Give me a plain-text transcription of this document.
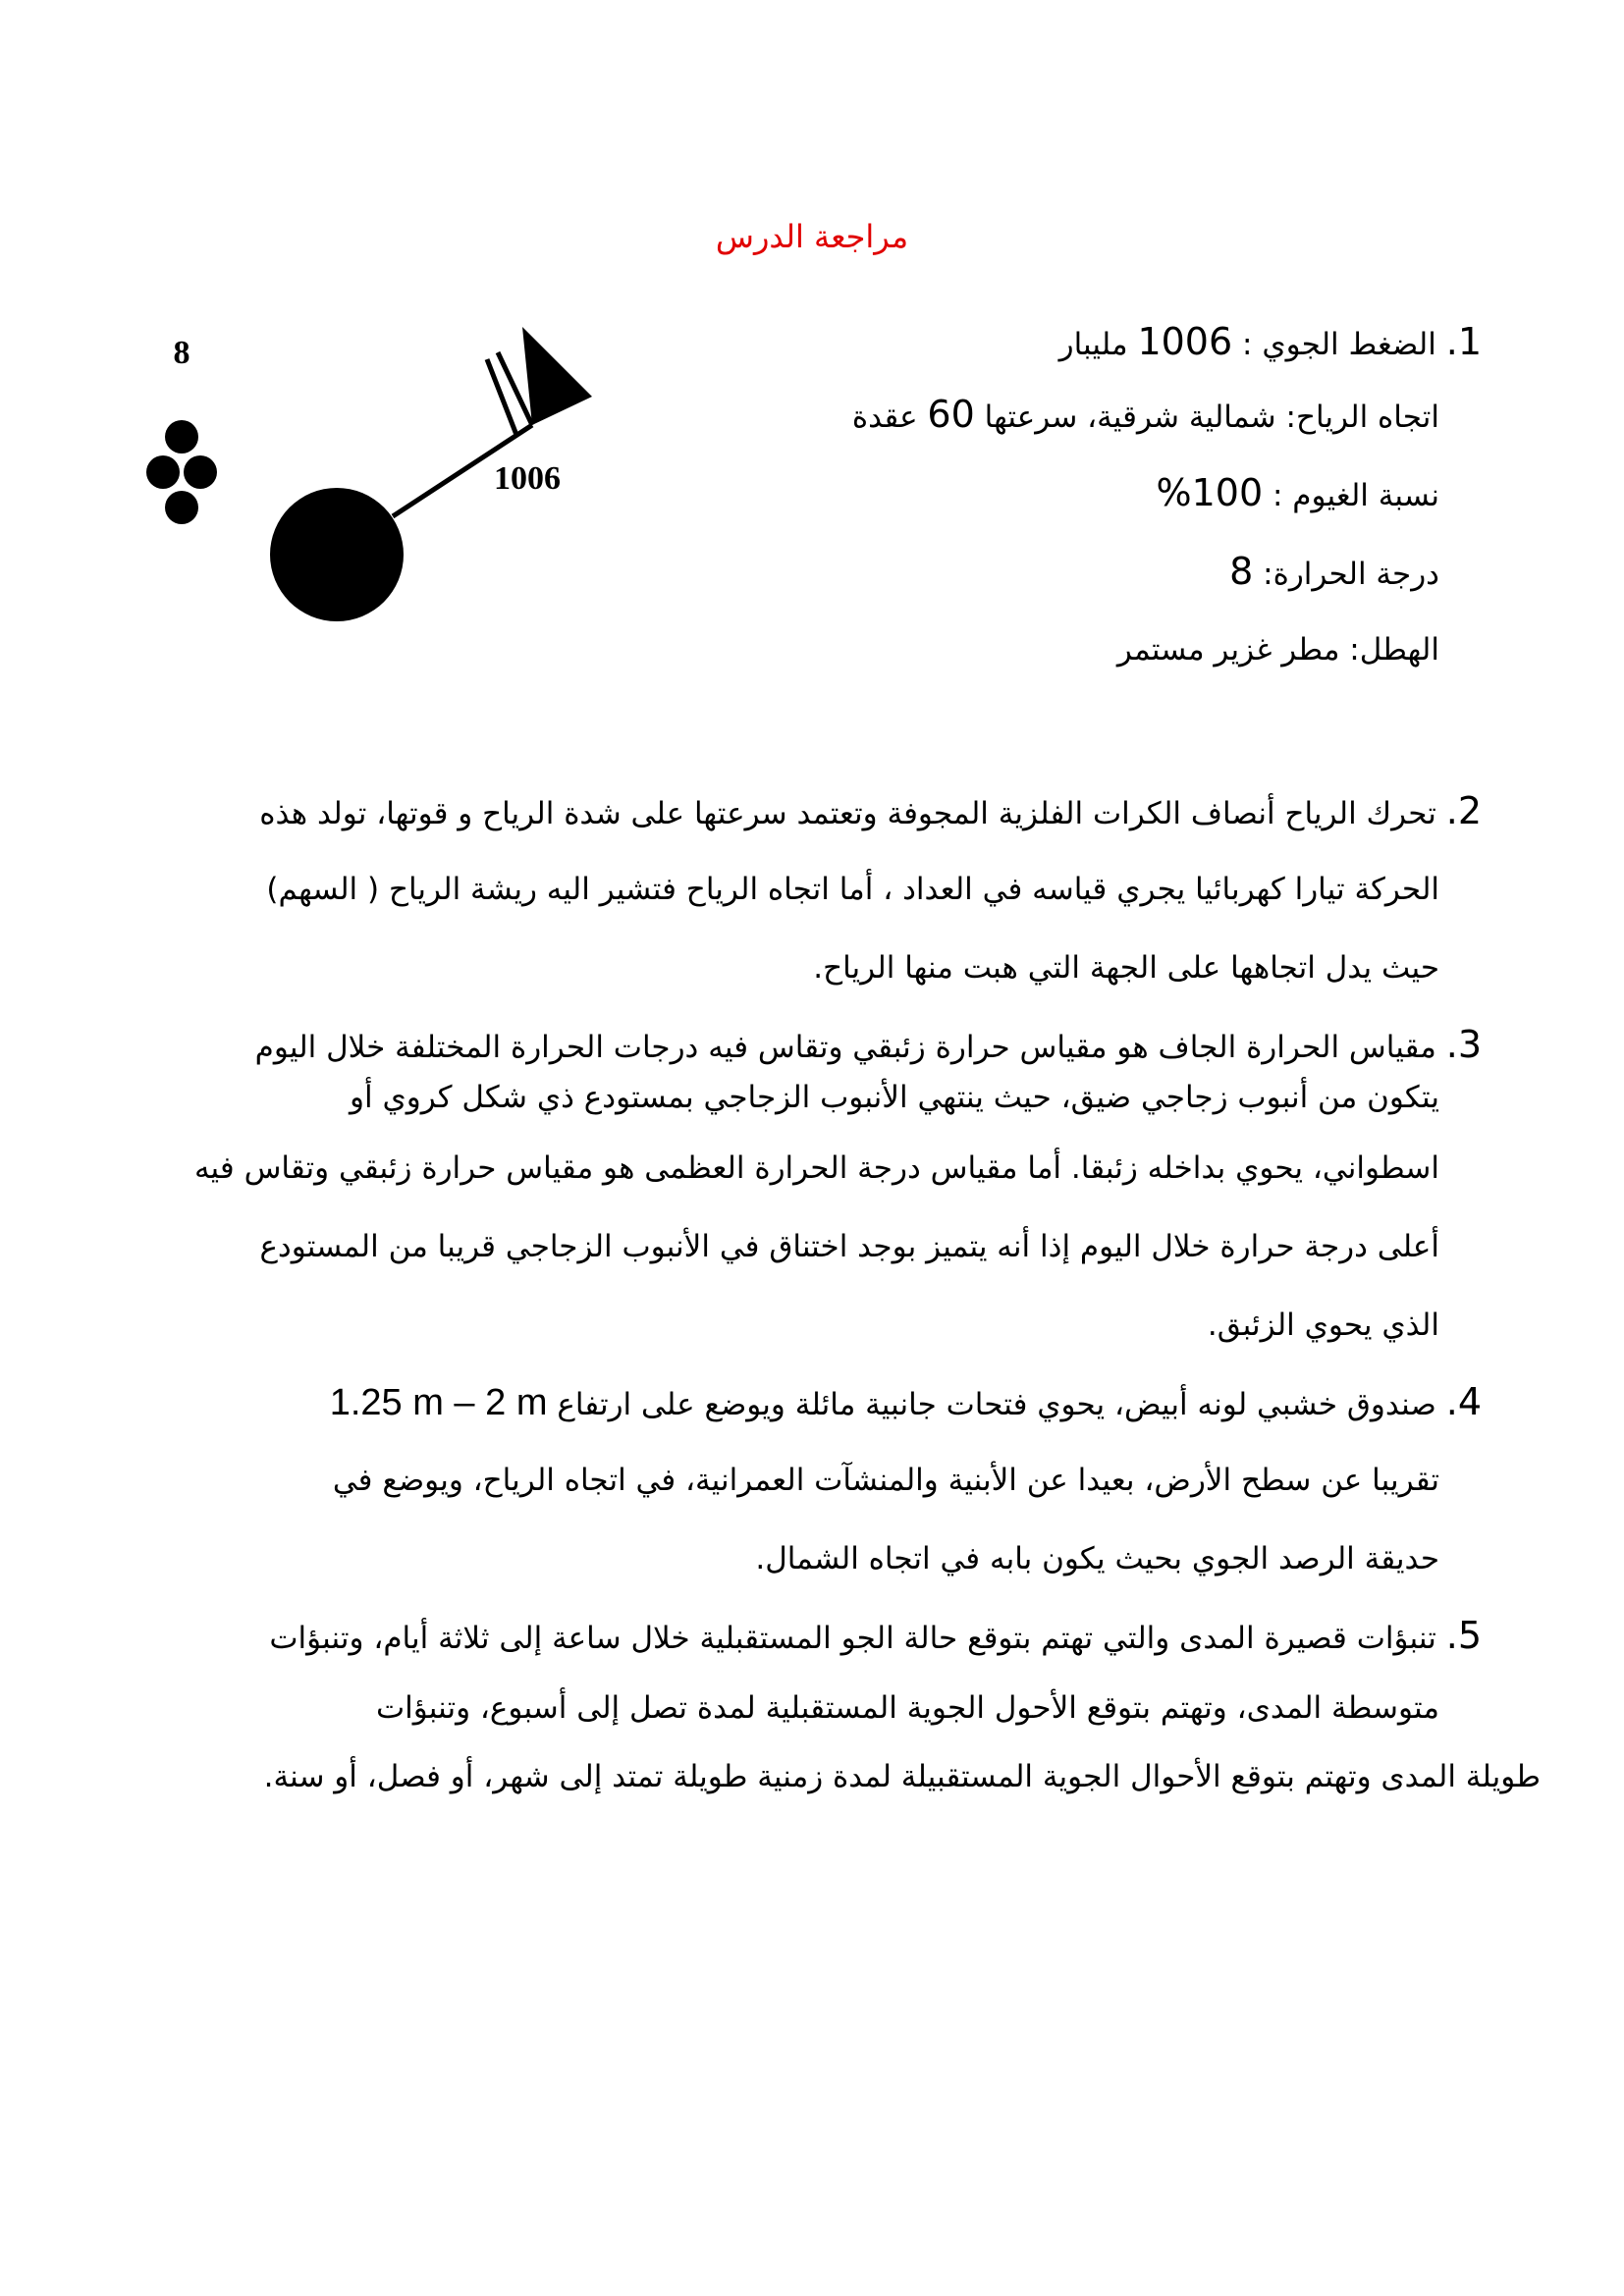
مراجعة الدرس
8
1006
1. الضغط الجوي : 1006 مليبار
اتجاه الرياح: شمالية شرقية، سرعتها 60 عقدة
نسبة الغيوم : 100%
درجة الحرارة: 8
الهطل: مطر غزير مستمر
2. تحرك الرياح أنصاف الكرات الفلزية المجوفة وتعتمد سرعتها على شدة الرياح و قوتها، تولد هذه
الحركة تيارا كهربائيا يجري قياسه في العداد ، أما اتجاه الرياح فتشير اليه ريشة الرياح ( السهم)
حيث يدل اتجاهها على الجهة التي هبت منها الرياح.
3. مقياس الحرارة الجاف هو مقياس حرارة زئبقي وتقاس فيه درجات الحرارة المختلفة خلال اليوم
يتكون من أنبوب زجاجي ضيق، حيث ينتهي الأنبوب الزجاجي بمستودع ذي شكل كروي أو
اسطواني، يحوي بداخله زئبقا. أما مقياس درجة الحرارة العظمى هو مقياس حرارة زئبقي وتقاس فيه
أعلى درجة حرارة خلال اليوم إذا أنه يتميز بوجد اختناق في الأنبوب الزجاجي قريبا من المستودع
الذي يحوي الزئبق.
4. صندوق خشبي لونه أبيض، يحوي فتحات جانبية مائلة ويوضع على ارتفاع 1.25 m – 2 m
تقريبا عن سطح الأرض، بعيدا عن الأبنية والمنشآت العمرانية، في اتجاه الرياح، ويوضع في
حديقة الرصد الجوي بحيث يكون بابه في اتجاه الشمال.
5. تنبؤات قصيرة المدى والتي تهتم بتوقع حالة الجو المستقبلية خلال ساعة إلى ثلاثة أيام، وتنبؤات
متوسطة المدى، وتهتم بتوقع الأحول الجوية المستقبلية لمدة تصل إلى أسبوع، وتنبؤات
طويلة المدى وتهتم بتوقع الأحوال الجوية المستقبيلة لمدة زمنية طويلة تمتد إلى شهر، أو فصل، أو سنة.
